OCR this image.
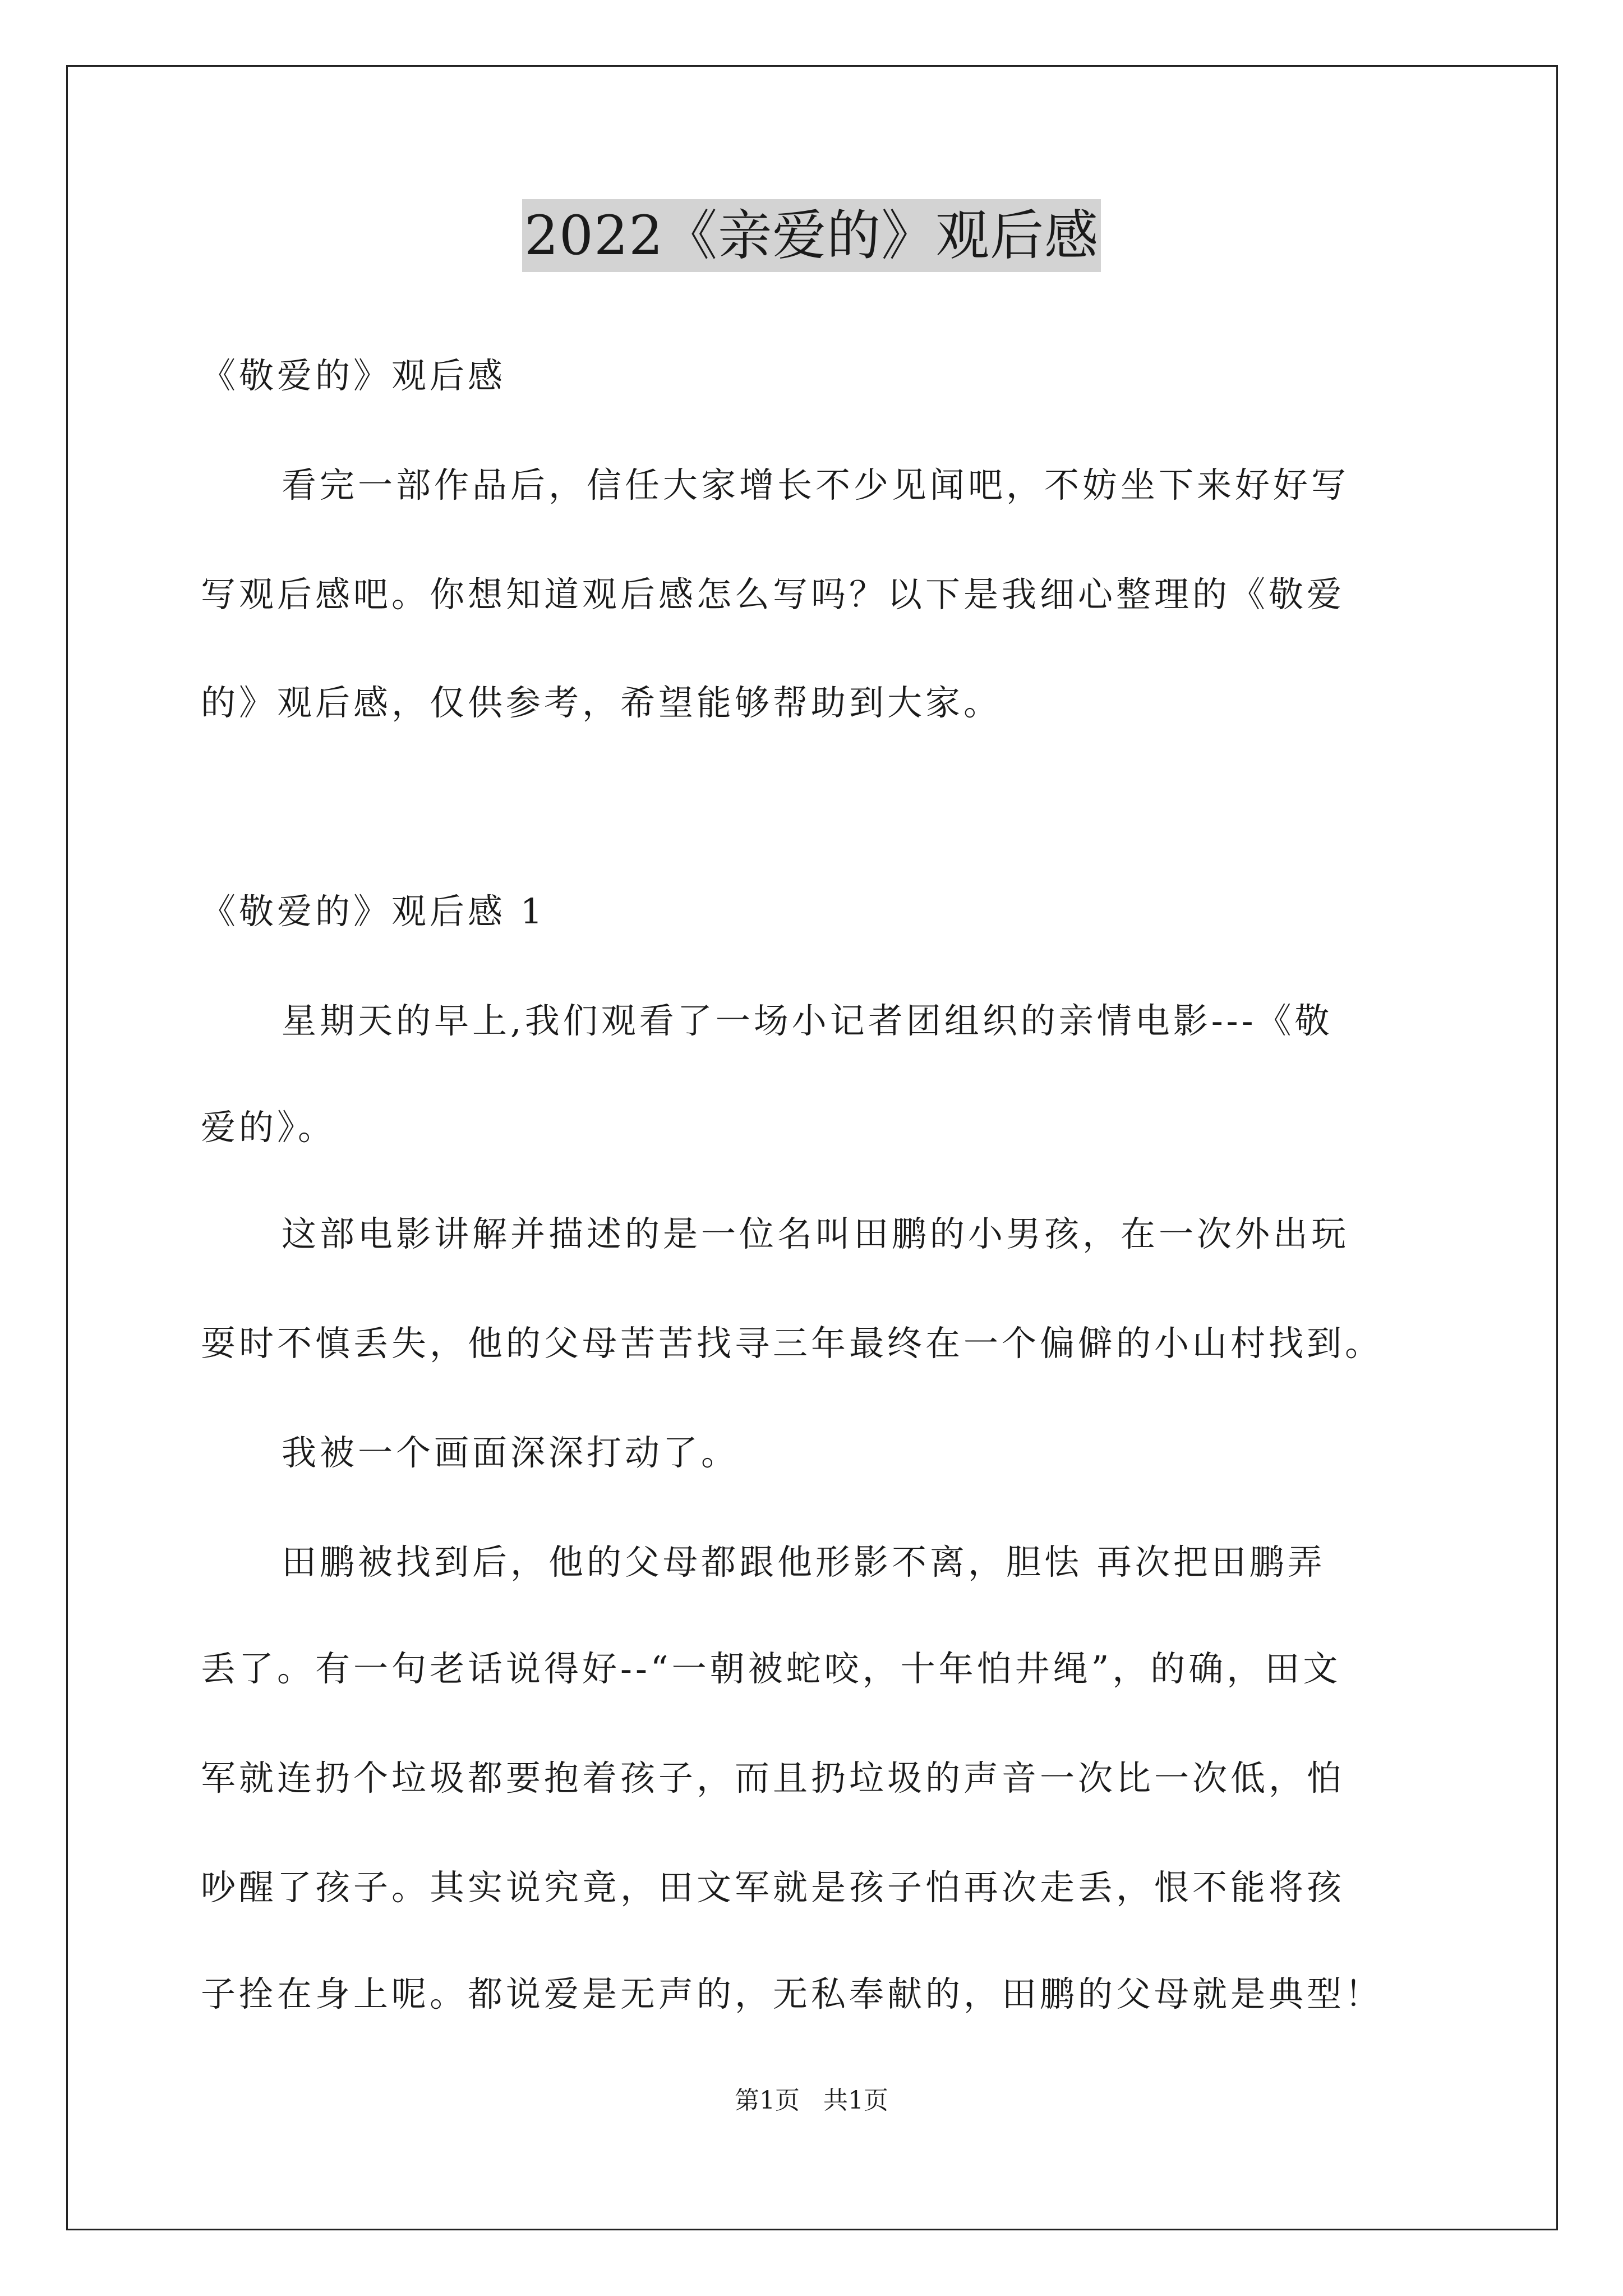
2022《亲爱的》观后感
《敬爱的》观后感
看完一部作品后，信任大家增长不少见闻吧，不妨坐下来好好写
写观后感吧。你想知道观后感怎么写吗？以下是我细心整理的《敬爱
的》观后感，仅供参考，希望能够帮助到大家。
《敬爱的》观后感 1
星期天的早上,我们观看了一场小记者团组织的亲情电影---《敬
爱的》。
这部电影讲解并描述的是一位名叫田鹏的小男孩，在一次外出玩
耍时不慎丢失，他的父母苦苦找寻三年最终在一个偏僻的小山村找到。
我被一个画面深深打动了。
田鹏被找到后，他的父母都跟他形影不离，胆怯 再次把田鹏弄
丢了。有一句老话说得好--“一朝被蛇咬，十年怕井绳”，的确，田文
军就连扔个垃圾都要抱着孩子，而且扔垃圾的声音一次比一次低，怕
吵醒了孩子。其实说究竟，田文军就是孩子怕再次走丢，恨不能将孩
子拴在身上呢。都说爱是无声的，无私奉献的，田鹏的父母就是典型！
第1页   共1页
